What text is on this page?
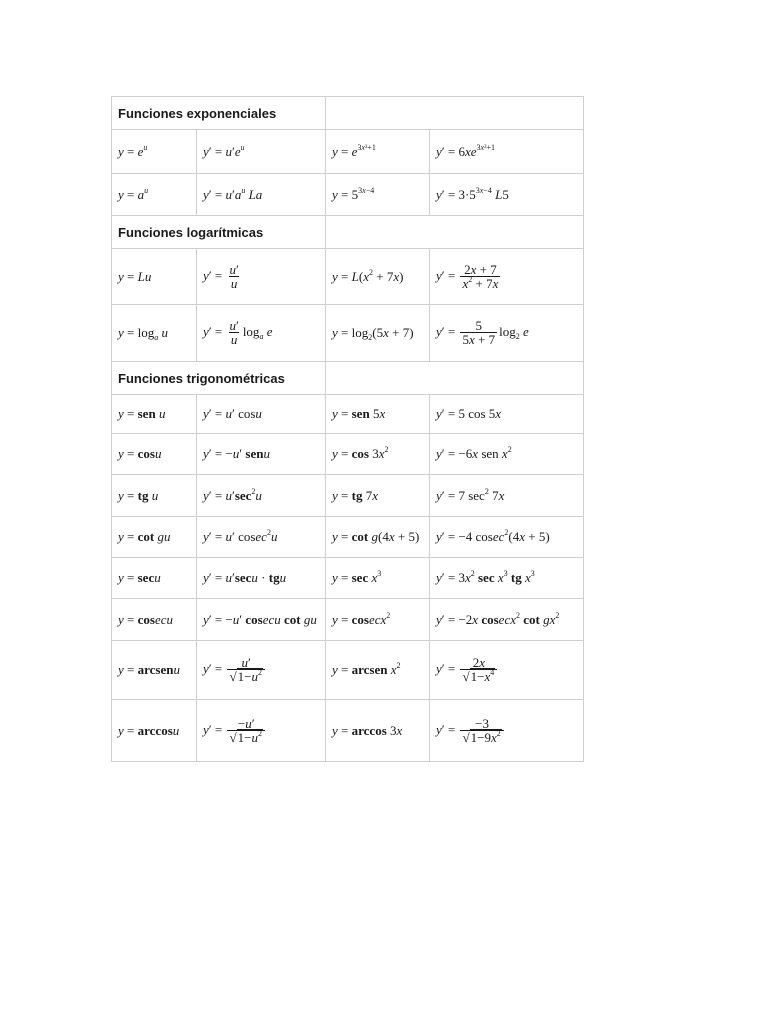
Funciones exponenciales			
$y = e^u$	$y' = u'e^u$	$y = e^{3x^2+1}$	$y' = 6xe^{3x^2+1}$
$y = a^u$	$y' = u'a^u$ La	$y = 5^{3x-4}$	$y' = 3\cdot 5^{3x-4}$ L5
Funciones logarítmicas			
y = Lu	$y' = \frac{u'}{u}$	$y = L(x^2 + 7x)$	$y' = \frac{2x + 7}{x^2 + 7x}$

$y = \log_a u$	$y' = \frac{u'}{u} \log_a e$	$y = \log_2(5x + 7)$	$y' = \frac{5}{5x + 7} \log_2 e$
Funciones trigonométricas			
y = sen u	y′ = u′ cosu	y = sen 5x	y′ = 5 cos 5x
y = cosu	y′ = −u′ senu	$y = \cos 3x^2$	y′ = −6x sen $x^2$
y = tg u	$y' = u'\sec^2u$	y = tg 7x	y′ = 7 $\sec^2 7x$
y = cot gu	y′ = u′ cosec$^2$u	y = cot g(4x + 5)	y′ = −4 cosec$^2$(4x + 5)
y = secu	y′ = u′secu · tgu	$y = \sec x^3$	$y' = 3x^2$ $\sec x^3$ tg $x^3$
y = cosecu	y′ = −u′ cosecu cot gu	y = cosecx$^2$	y′ = −2x cosecx$^2$ $\cot gx^2$
y = arcsenu	$y' = \frac{u'}{√1-u^2}$	y = arcsen $x^2$	$y' = \frac{2x}{√1-x^4}$

y = arccosu	$y' = \frac{-u'}{√1-u^2}$	y = arccos 3x	$y' = \frac{-3}{√1-9x^2}$
